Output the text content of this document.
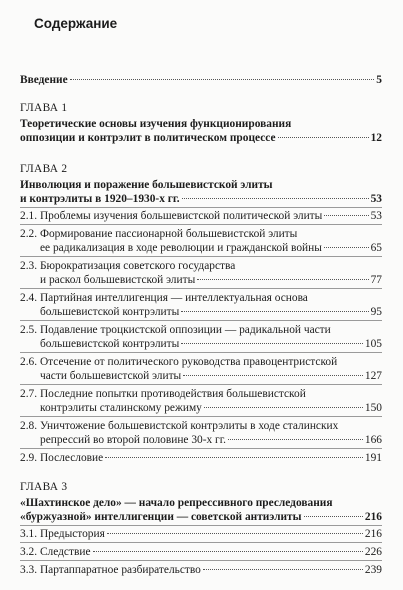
Содержание
Введение	5
ГЛАВА 1
Теоретические основы изучения функционирования
оппозиции и контрэлит в политическом процессе	12
ГЛАВА 2
Инволюция и поражение большевистской элиты
и контрэлиты в 1920–1930-х гг.	53
2.1. Проблемы изучения большевистской политической элиты	53
2.2. Формирование пассионарной большевистской элиты
ее радикализация в ходе революции и гражданской войны	65
2.3. Бюрократизация советского государства
и раскол большевистской элиты	77
2.4. Партийная интеллигенция — интеллектуальная основа
большевистской контрэлиты	95
2.5. Подавление троцкистской оппозиции — радикальной части
большевистской контрэлиты	105
2.6. Отсечение от политического руководства правоцентристской
части большевистской элиты	127
2.7. Последние попытки противодействия большевистской
контрэлиты сталинскому режиму	150
2.8. Уничтожение большевистской контрэлиты в ходе сталинских
репрессий во второй половине 30-х гг.	166
2.9. Послесловие	191
ГЛАВА 3
«Шахтинское дело» — начало репрессивного преследования
«буржуазной» интеллигенции — советской антиэлиты	216
3.1. Предыстория	216
3.2. Следствие	226
3.3. Партаппаратное разбирательство	239
